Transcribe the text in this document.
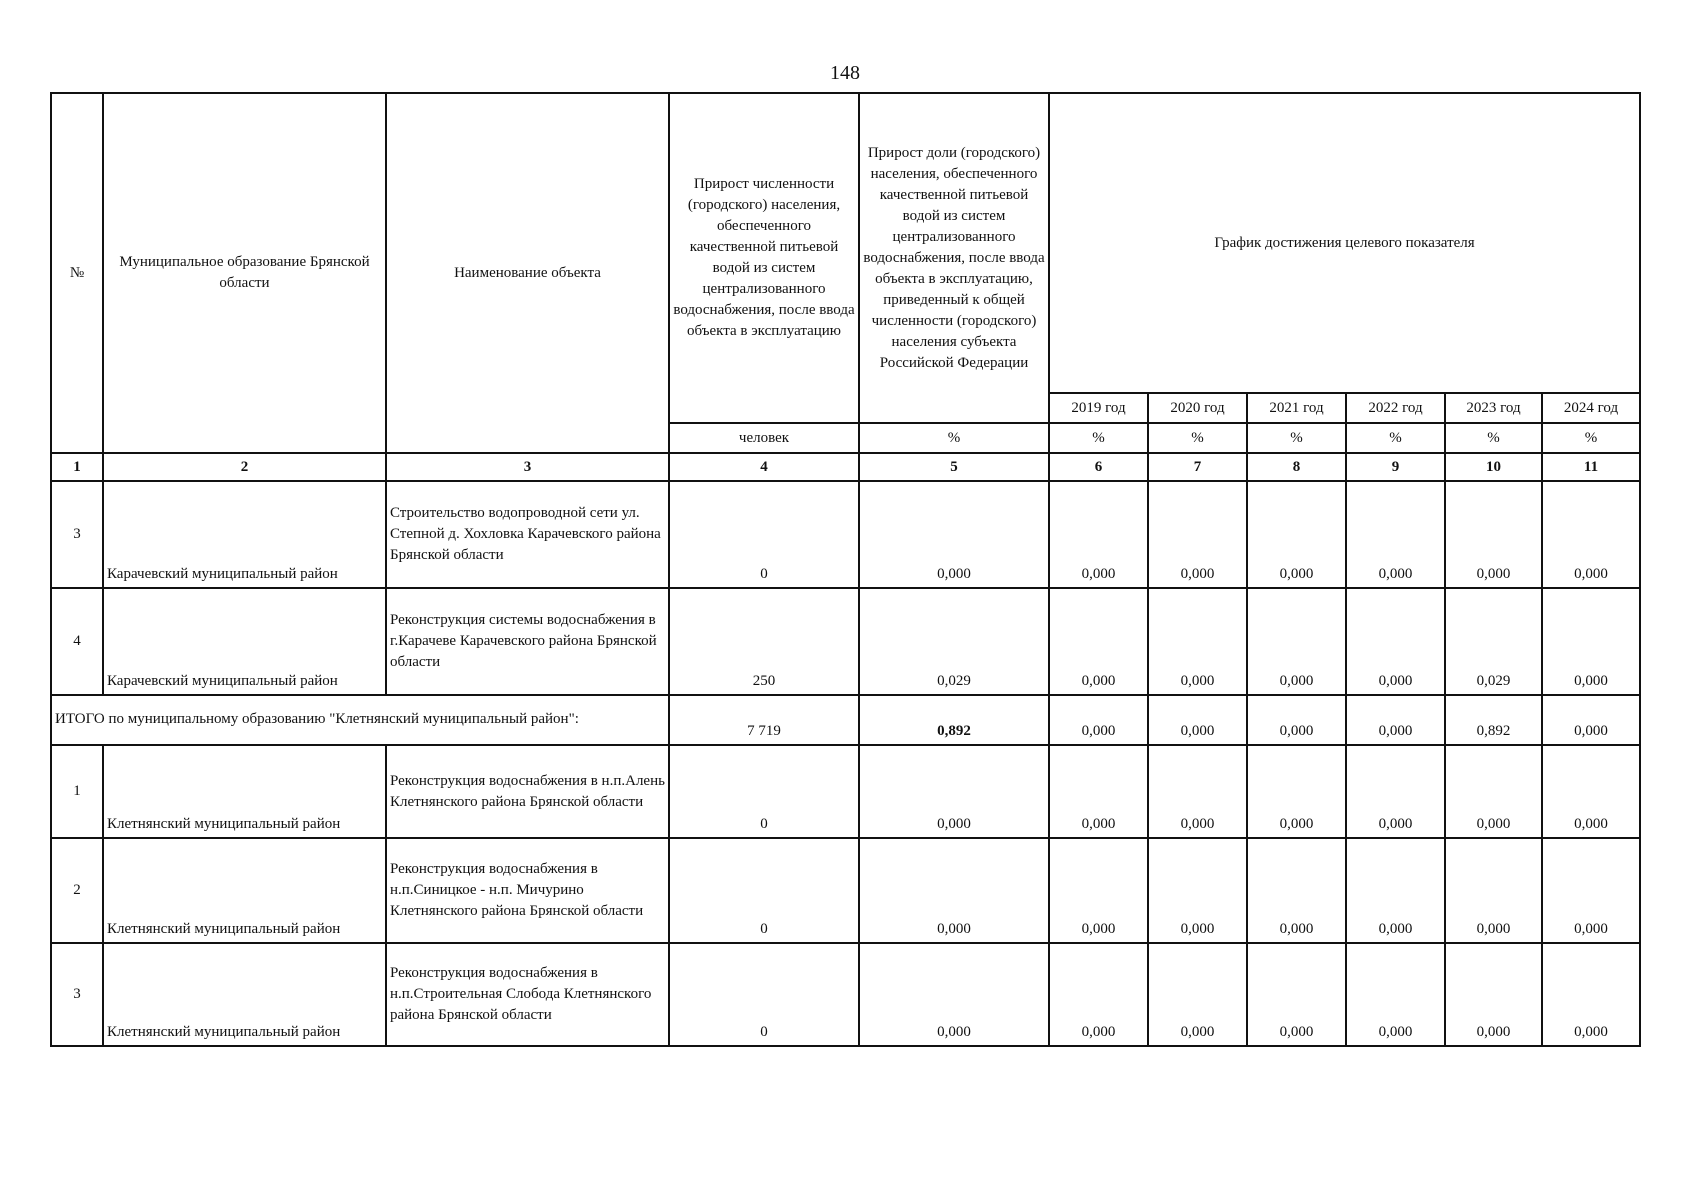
148
№	Муниципальное образование Брянской области	Наименование объекта	Прирост численности (городского) населения, обеспеченного качественной питьевой водой из систем централизованного водоснабжения, после ввода объекта в эксплуатацию	Прирост доли (городского) населения, обеспеченного качественной питьевой водой из систем централизованного водоснабжения, после ввода объекта в эксплуатацию, приведенный к общей численности (городского) населения субъекта Российской Федерации	График достижения целевого показателя					
					2019 год	2020 год	2021 год	2022 год	2023 год	2024 год
			человек	%	%	%	%	%	%	%
1	2	3	4	5	6	7	8	9	10	11
3	Карачевский муниципальный район	Строительство водопроводной сети ул. Степной д. Хохловка Карачевского района Брянской области	0	0,000	0,000	0,000	0,000	0,000	0,000	0,000
4	Карачевский муниципальный район	Реконструкция системы водоснабжения в г.Карачеве Карачевского района Брянской области	250	0,029	0,000	0,000	0,000	0,000	0,029	0,000
ИТОГО по муниципальному образованию "Клетнянский муниципальный район":			7 719	0,892	0,000	0,000	0,000	0,000	0,892	0,000
1	Клетнянский муниципальный район	Реконструкция водоснабжения в н.п.Алень Клетнянского района Брянской области	0	0,000	0,000	0,000	0,000	0,000	0,000	0,000
2	Клетнянский муниципальный район	Реконструкция водоснабжения в н.п.Синицкое - н.п. Мичурино Клетнянского района Брянской области	0	0,000	0,000	0,000	0,000	0,000	0,000	0,000
3	Клетнянский муниципальный район	Реконструкция водоснабжения в н.п.Строительная Слобода Клетнянского района Брянской области	0	0,000	0,000	0,000	0,000	0,000	0,000	0,000
